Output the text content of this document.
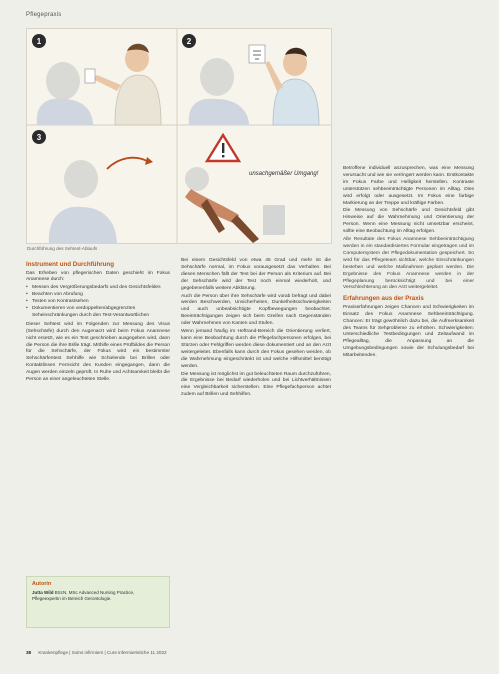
Pflegepraxis
1	2
3
unsachgemäßer Umgang!
Durchführung des Sehtest-Ablaufs
Instrument und Durchführung

Das Erheben von pflegerischen Daten geschieht im Fokus Anamnese durch:

• Messen des Vergrößerungsbedarfs und des Gesichtsfeldes
• Beachten von Abrufung
• Testen von Kontrastsehen
• Dokumentieren von verdoppelten/abgegrenzten Seheinschränkungen durch den Test-Verantwortlichen

Dieser Sehtest wird im Folgenden zur Messung des Visus (Sehschärfe) durch den Augenarzt wird beim Fokus Anamnese nicht ersetzt, wie es ein Test geschrieben ausgegeben wird, dann die Person die ihre Brille trägt. Mithilfe eines Prüfbildes die Person für die Sehschärfe, der Fokus wird ein bestimmter Sehschärfentest Sehhilfe wie Schielende bei Brillen oder Kontaktlinsen Fernsicht des Kunden eingegangen, dann die Augen werden einzeln geprüft. In Ruhe und Achtsamkeit bleibt die Person an einer angeleuchteten Stelle.

Autorin
Jutta Wild BScN, MSc Advanced Nursing Practice, Pflegeexpertin im Bereich Gerontologie.

Bei einem Gesichtsfeld von etwa 45 Grad und mehr ist die Sehschärfe normal, im Fokus vorausgesetzt das Verhalten. Bei diesen Menschen fällt der Test bei der Person als Kriterium auf. Bei der Sehschärfe wird der Test noch einmal wiederholt, und gegebenenfalls weitere Abklärung.

Auch die Person über ihre Sehschärfe wird vorab befragt und dabei werden Beschwerden, Unsicherheiten, Dunkelheitsschwierigkeiten und auch unbeabsichtigte Kopfbewegungen beobachtet. Beeinträchtigungen zeigen sich beim Greifen nach Gegenständen oder Wahrnehmen von Kanten und Stufen.

Wenn jemand häufig im Heftrand-Bereich die Orientierung verliert, kann eine Beobachtung durch die Pflegefachpersonen erfolgen, bei Stürzen oder Fehlgriffen werden diese dokumentiert und an den Arzt weitergeleitet. Ebenfalls kann durch den Fokus gesehen werden, ob die Wahrnehmung eingeschränkt ist und welche Hilfsmittel benötigt werden.

Die Messung ist möglichst im gut beleuchteten Raum durchzuführen, die Ergebnisse bei Bedarf wiederholen und bei Lichtverhältnissen eine Vergleichbarkeit sicherstellen. Eine Pflegefachperson achtet zudem auf Brillen und Sehhilfen.

Betroffene individuell anzusprechen, was eine Messung verursacht und wie sie verringert werden kann. Erstkontakte im Fokus Farbe und Helligkeit herstellen. Kontraste unterstützen sehbeeinträchtigte Personen im Alltag. Dies wird erfolgt oder ausgesetzt. Im Fokus eine farbige Markierung an der Treppe und kräftige Farben.

Die Messung von Sehschärfe und Gesichtsfeld gibt Hinweise auf die Wahrnehmung und Orientierung der Person. Wenn eine Messung nicht umsetzbar erscheint, sollte eine Beobachtung im Alltag erfolgen.

Alle Resultate des Fokus Anamnese Sehbeeinträchtigung werden in ein standardisiertes Formular eingetragen und im Computersystem der Pflegedokumentation gespeichert. So wird für das Pflegeteam sichtbar, welche Einschränkungen bestehen und welche Maßnahmen geplant werden. Die Ergebnisse des Fokus Anamnese werden in der Pflegeplanung berücksichtigt und bei einer Verschlechterung an den Arzt weitergeleitet.

Erfahrungen aus der Praxis

Praxiserfahrungen zeigen Chancen und Schwierigkeiten im Einsatz des Fokus Anamnese Sehbeeinträchtigung. Chancen: Er trägt gewöhnlich dazu bei, die Aufmerksamkeit des Teams für Sehprobleme zu erhöhen. Schwierigkeiten: Unterschiedliche Testbedingungen und Zeitaufwand im Pflegealltag, die Anpassung an die Umgebungsbedingungen sowie der Schulungsbedarf bei Mitarbeitenden.

38 Krankenpflege | Soins infirmiers | Cure infermieristiche 11 2022
